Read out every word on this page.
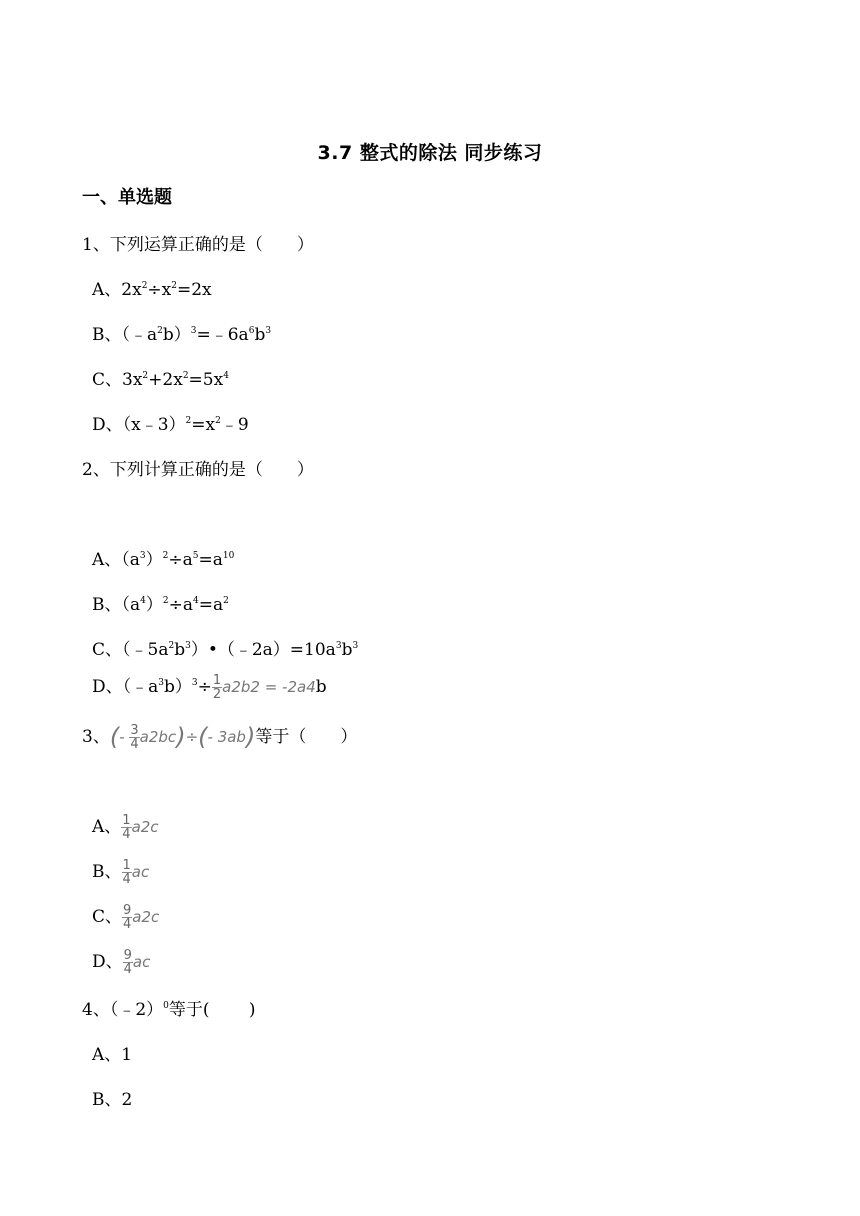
3.7 整式的除法 同步练习
一、单选题
1、下列运算正确的是（　　）
A、$2x^2\div x^2=2x$
B、$(﹣a^2b)^3=﹣6a^6b^3$
C、$3x^2+2x^2=5x^4$
D、$(x﹣3)^2=x^2﹣9$
2、下列计算正确的是（　　）
A、$(a^3)^2\div a^5=a^{10}$
B、$(a^4)^2\div a^4=a^2$
C、$(﹣5a^2b^3)•(﹣2a)=10a^3b^3$
D、$(﹣a^3b)^3\div \frac{1}{2} a2b2 = -2a4b$
3、(- $\frac{3}{4} a2bc)\div(-$ 3ab)等于（　　）
A、 $\frac{1}{4} a2c$
B、 $\frac{1}{4}$ ac
C、 $\frac{9}{4} a2c$
D、 $\frac{9}{4}$ ac
4、（﹣2）$^0$等于(　　 )
A、1
B、2
